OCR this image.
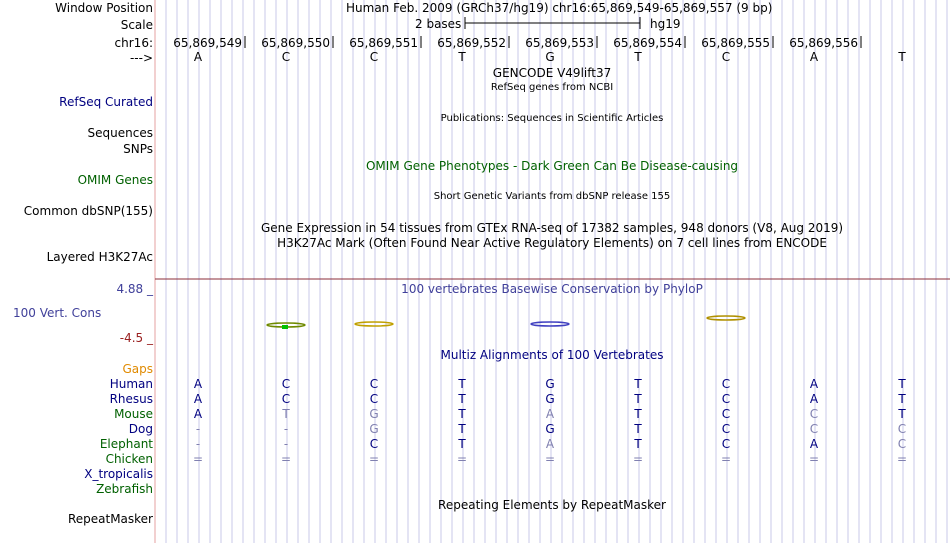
Window Position	Human Feb. 2009 (GRCh37/hg19) chr16:65,869,549-65,869,557 (9 bp)
Scale	2 bases	hg19
chr16: 65,869,549 65,869,550 65,869,551 65,869,552 65,869,553 65,869,554 65,869,555 65,869,556
--->	A	C	C	T	G	T	C	A	T
GENCODE V49lift37
RefSeq genes from NCBI
RefSeq Curated
Publications: Sequences in Scientific Articles
Sequences
SNPs
OMIM Gene Phenotypes - Dark Green Can Be Disease-causing
OMIM Genes
Short Genetic Variants from dbSNP release 155
Common dbSNP(155)
Gene Expression in 54 tissues from GTEx RNA-seq of 17382 samples, 948 donors (V8, Aug 2019)
H3K27Ac Mark (Often Found Near Active Regulatory Elements) on 7 cell lines from ENCODE
Layered H3K27Ac
4.88 _	100 vertebrates Basewise Conservation by PhyloP
100 Vert. Cons
-4.5 _
Multiz Alignments of 100 Vertebrates
Gaps
Human	A	C	C	T	G	T	C	A	T
Rhesus	A	C	C	T	G	T	C	A	T
Mouse	A	T	G	T	A	T	C	C	T
Dog	-	-	G	T	G	T	C	C	C
Elephant	-	-	C	T	A	T	C	A	C
Chicken	=	=	=	=	=	=	=	=	=
X_tropicalis
Zebrafish
Repeating Elements by RepeatMasker
RepeatMasker
